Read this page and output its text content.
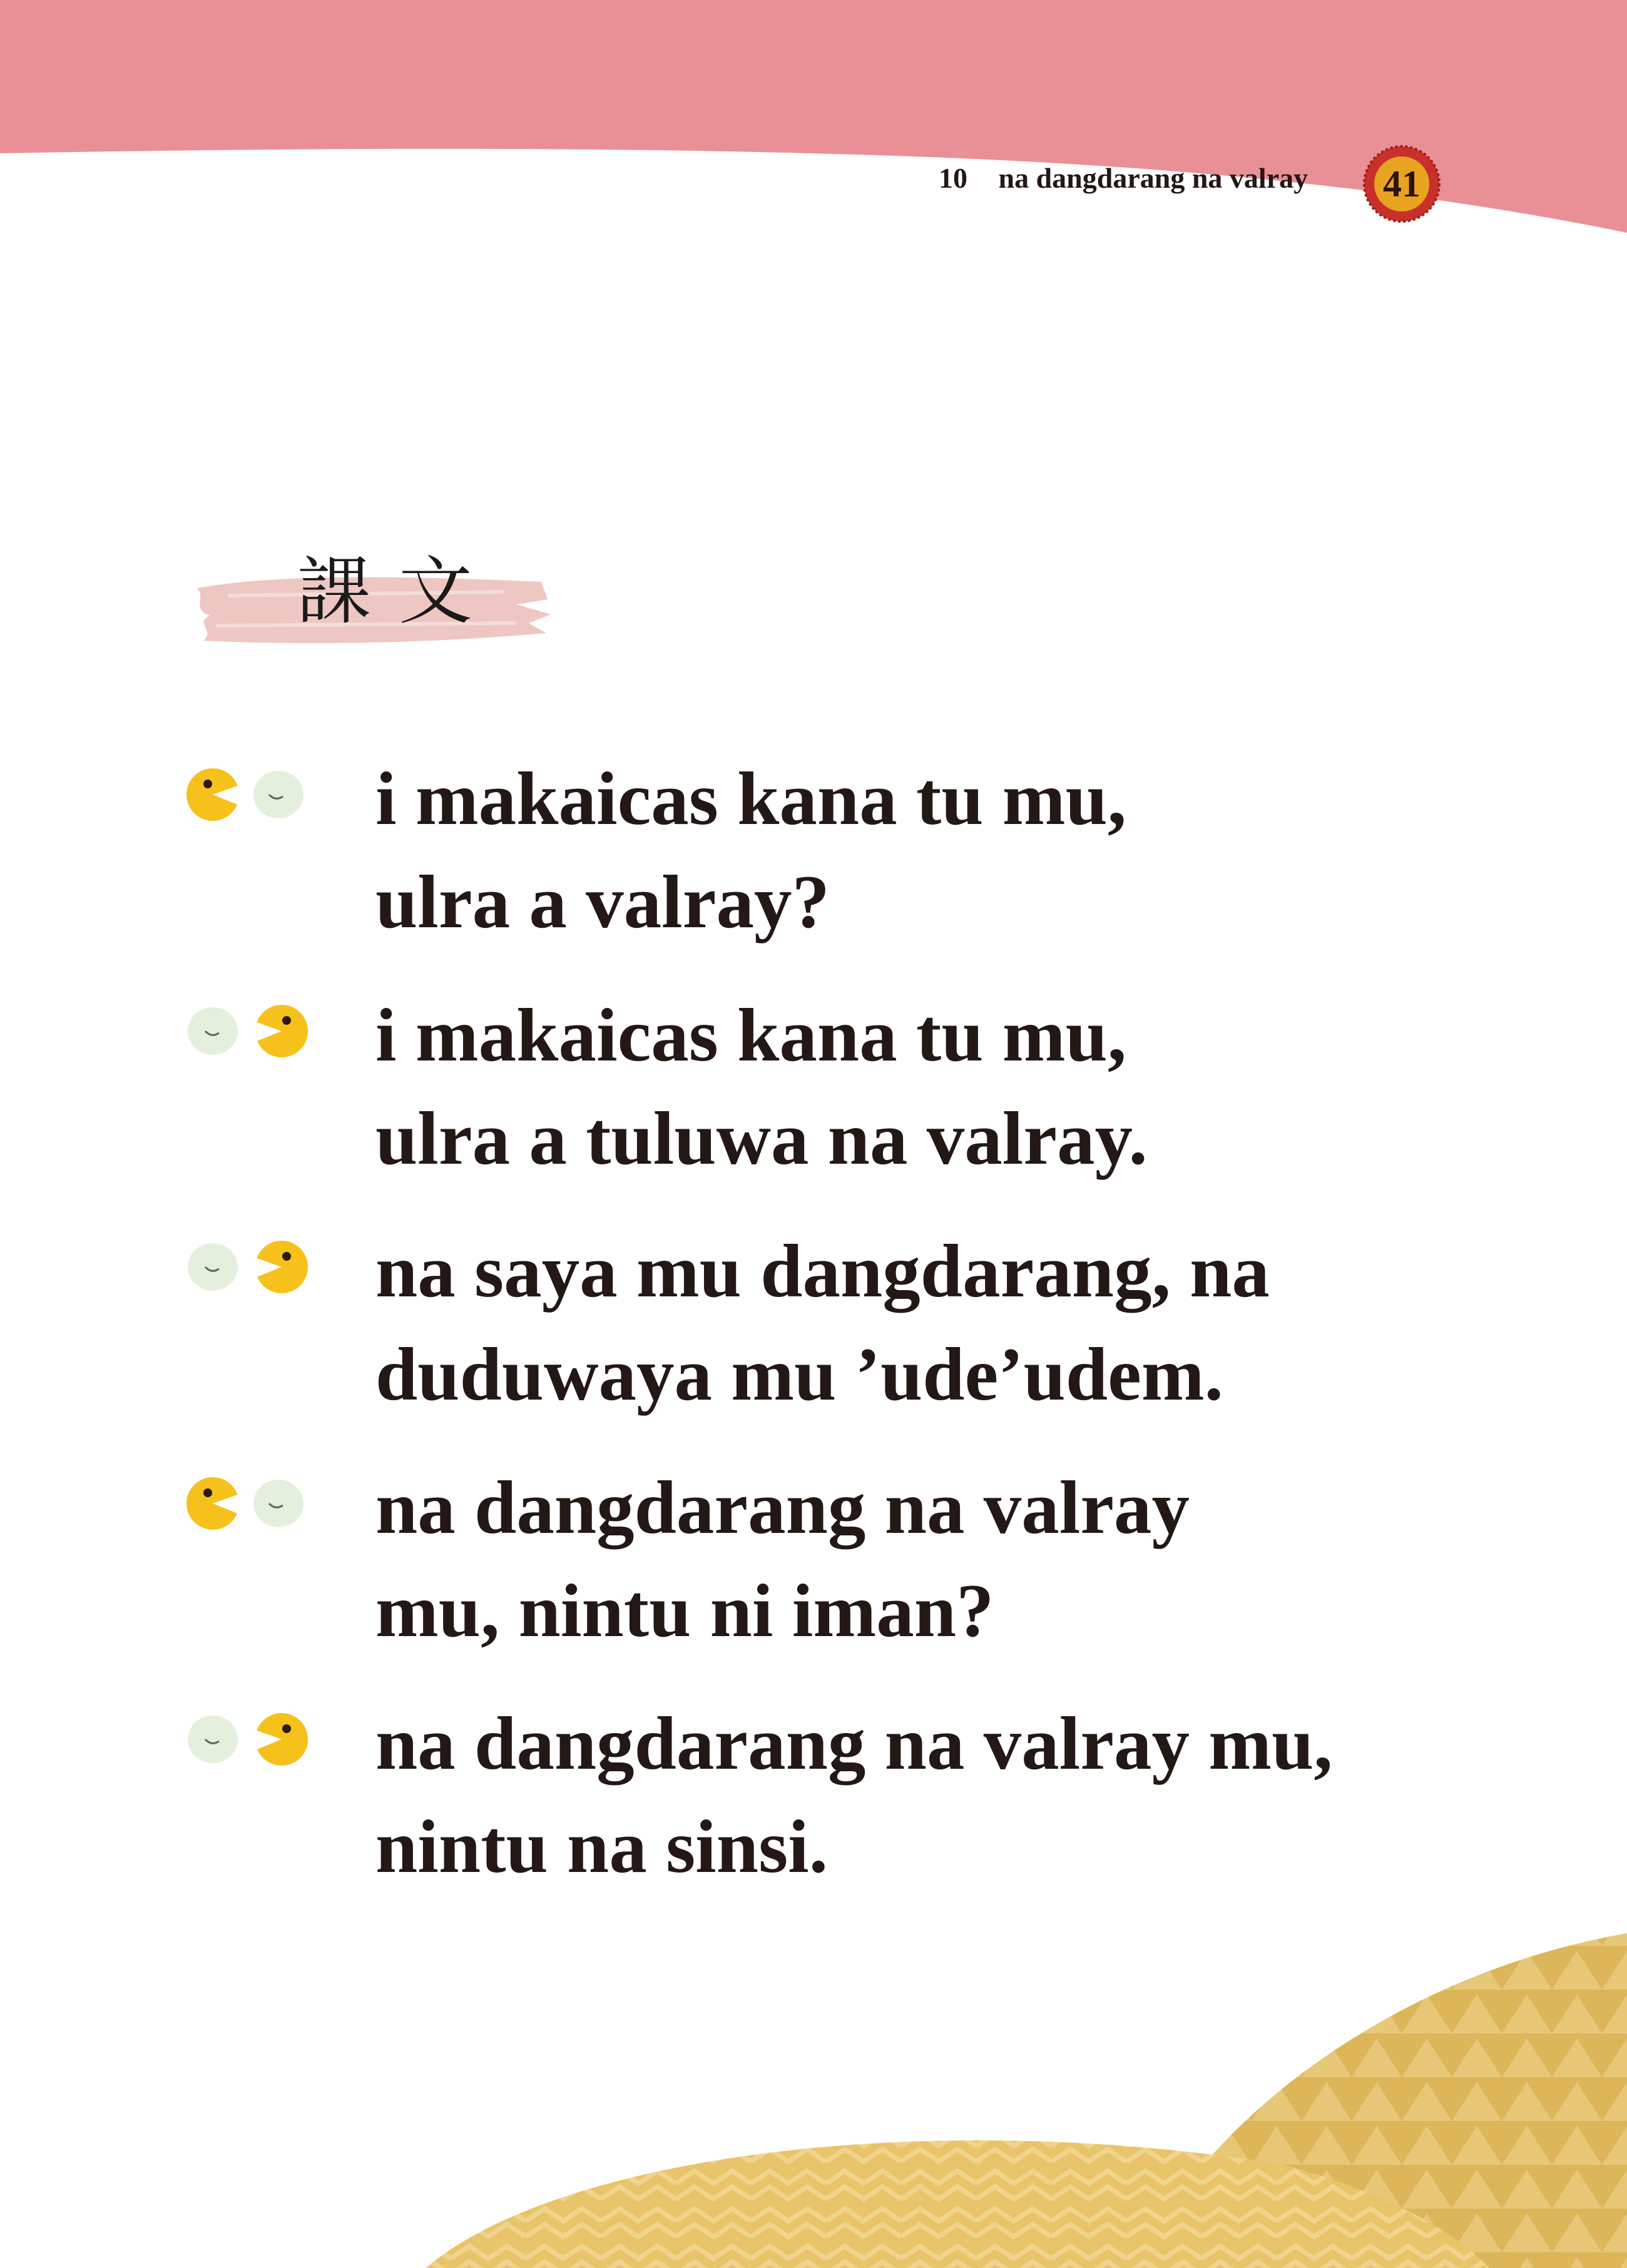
10 na dangdarang na valray	41
課文
i makaicas kana tu mu,
ulra a valray?
i makaicas kana tu mu,
ulra a tuluwa na valray.
na saya mu dangdarang, na
duduwaya mu ’ude’udem.
na dangdarang na valray
mu, nintu ni iman?
na dangdarang na valray mu,
nintu na sinsi.
